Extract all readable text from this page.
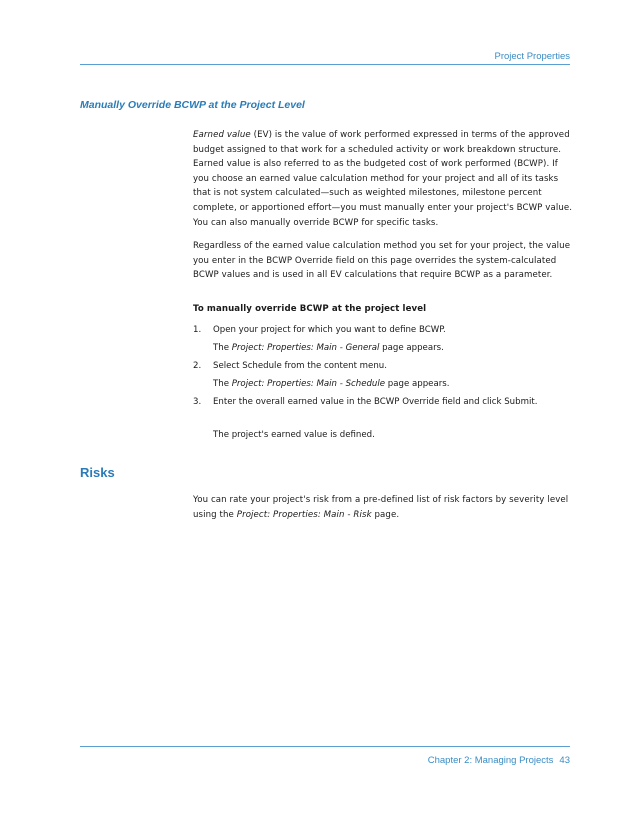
Project Properties
Manually Override BCWP at the Project Level

Earned value (EV) is the value of work performed expressed in terms of the approved budget assigned to that work for a scheduled activity or work breakdown structure. Earned value is also referred to as the budgeted cost of work performed (BCWP). If you choose an earned value calculation method for your project and all of its tasks that is not system calculated—such as weighted milestones, milestone percent complete, or apportioned effort—you must manually enter your project's BCWP value. You can also manually override BCWP for specific tasks.

Regardless of the earned value calculation method you set for your project, the value you enter in the BCWP Override field on this page overrides the system-calculated BCWP values and is used in all EV calculations that require BCWP as a parameter.

To manually override BCWP at the project level
1. Open your project for which you want to define BCWP.
The Project: Properties: Main - General page appears.
2. Select Schedule from the content menu.
The Project: Properties: Main - Schedule page appears.
3. Enter the overall earned value in the BCWP Override field and click Submit.
The project's earned value is defined.
Risks

You can rate your project's risk from a pre-defined list of risk factors by severity level using the Project: Properties: Main - Risk page.

Chapter 2: Managing Projects 43
